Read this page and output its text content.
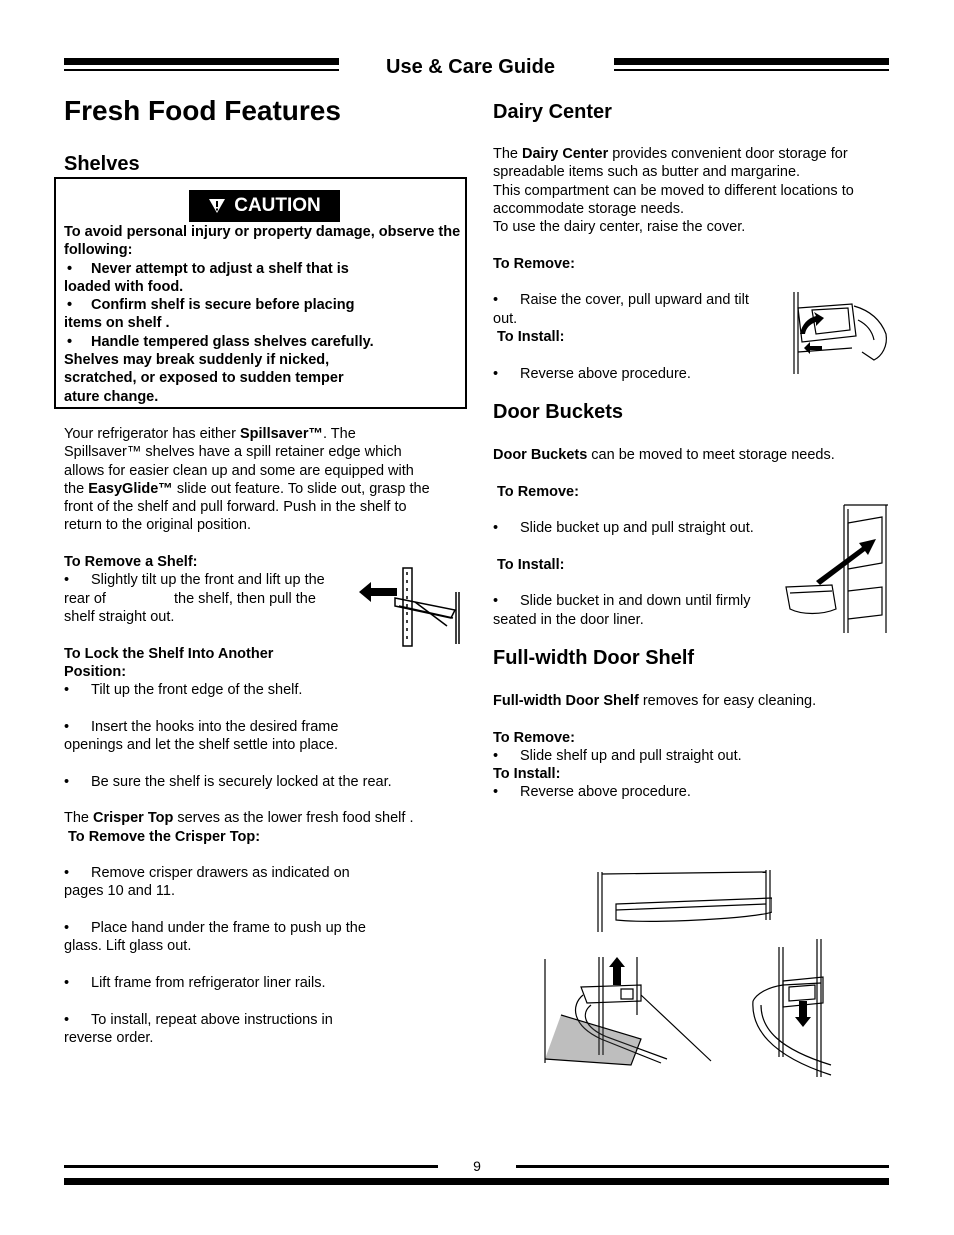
Use & Care Guide
Fresh Food Features
Shelves
CAUTION

To avoid personal injury or property damage, observe the following:

• Never attempt to adjust a shelf that is

loaded with food.

• Confirm shelf is secure before placing

items on shelf .

• Handle tempered glass shelves carefully.

Shelves may break suddenly if nicked,

scratched, or exposed to sudden temper

ature change.

Your refrigerator has either Spillsaver™. The

Spillsaver™ shelves have a spill retainer edge which

allows for easier clean up and some are equipped with

the EasyGlide™ slide out feature. To slide out, grasp the

front of the shelf and pull forward. Push in the shelf to

return to the original position.

To Remove a Shelf:

• Slightly tilt up the front and lift up the

rear of	the shelf, then pull the

shelf straight out.

To Lock the Shelf Into Another

Position:

• Tilt up the front edge of the shelf.

• Insert the hooks into the desired frame

openings and let the shelf settle into place.

• Be sure the shelf is securely locked at the rear.

The Crisper Top serves as the lower fresh food shelf .

To Remove the Crisper Top:

• Remove crisper drawers as indicated on

pages 10 and 11.

• Place hand under the frame to push up the

glass. Lift glass out.

• Lift frame from refrigerator liner rails.

• To install, repeat above instructions in

reverse order.

Dairy Center

The Dairy Center provides convenient door storage for

spreadable items such as butter and margarine.

This compartment can be moved to different locations to

accommodate storage needs.

To use the dairy center, raise the cover.

To Remove:

• Raise the cover, pull upward and tilt

out.

To Install:

• Reverse above procedure.

Door Buckets

Door Buckets can be moved to meet storage needs.

To Remove:

• Slide bucket up and pull straight out.

To Install:

• Slide bucket in and down until firmly

seated in the door liner.

Full-width Door Shelf

Full-width Door Shelf removes for easy cleaning.

To Remove:

• Slide shelf up and pull straight out.

To Install:

• Reverse above procedure.

9
